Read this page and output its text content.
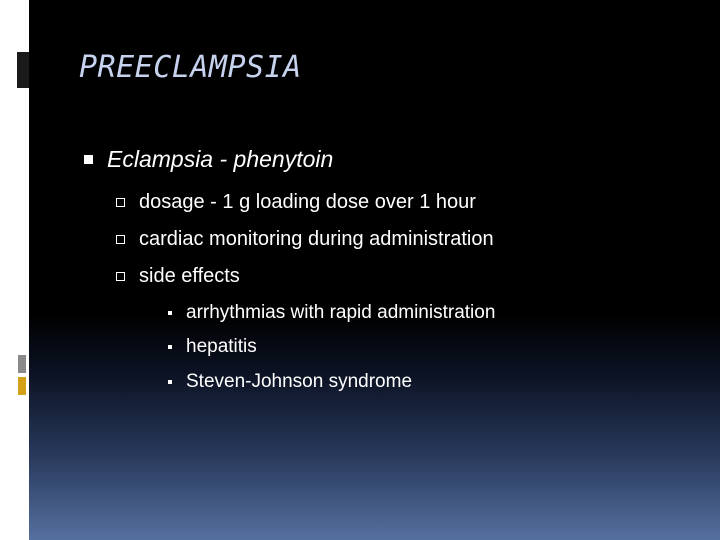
PREECLAMPSIA
Eclampsia - phenytoin
dosage - 1 g loading dose over 1 hour
cardiac monitoring during administration
side effects
arrhythmias with rapid administration
hepatitis
Steven-Johnson syndrome
